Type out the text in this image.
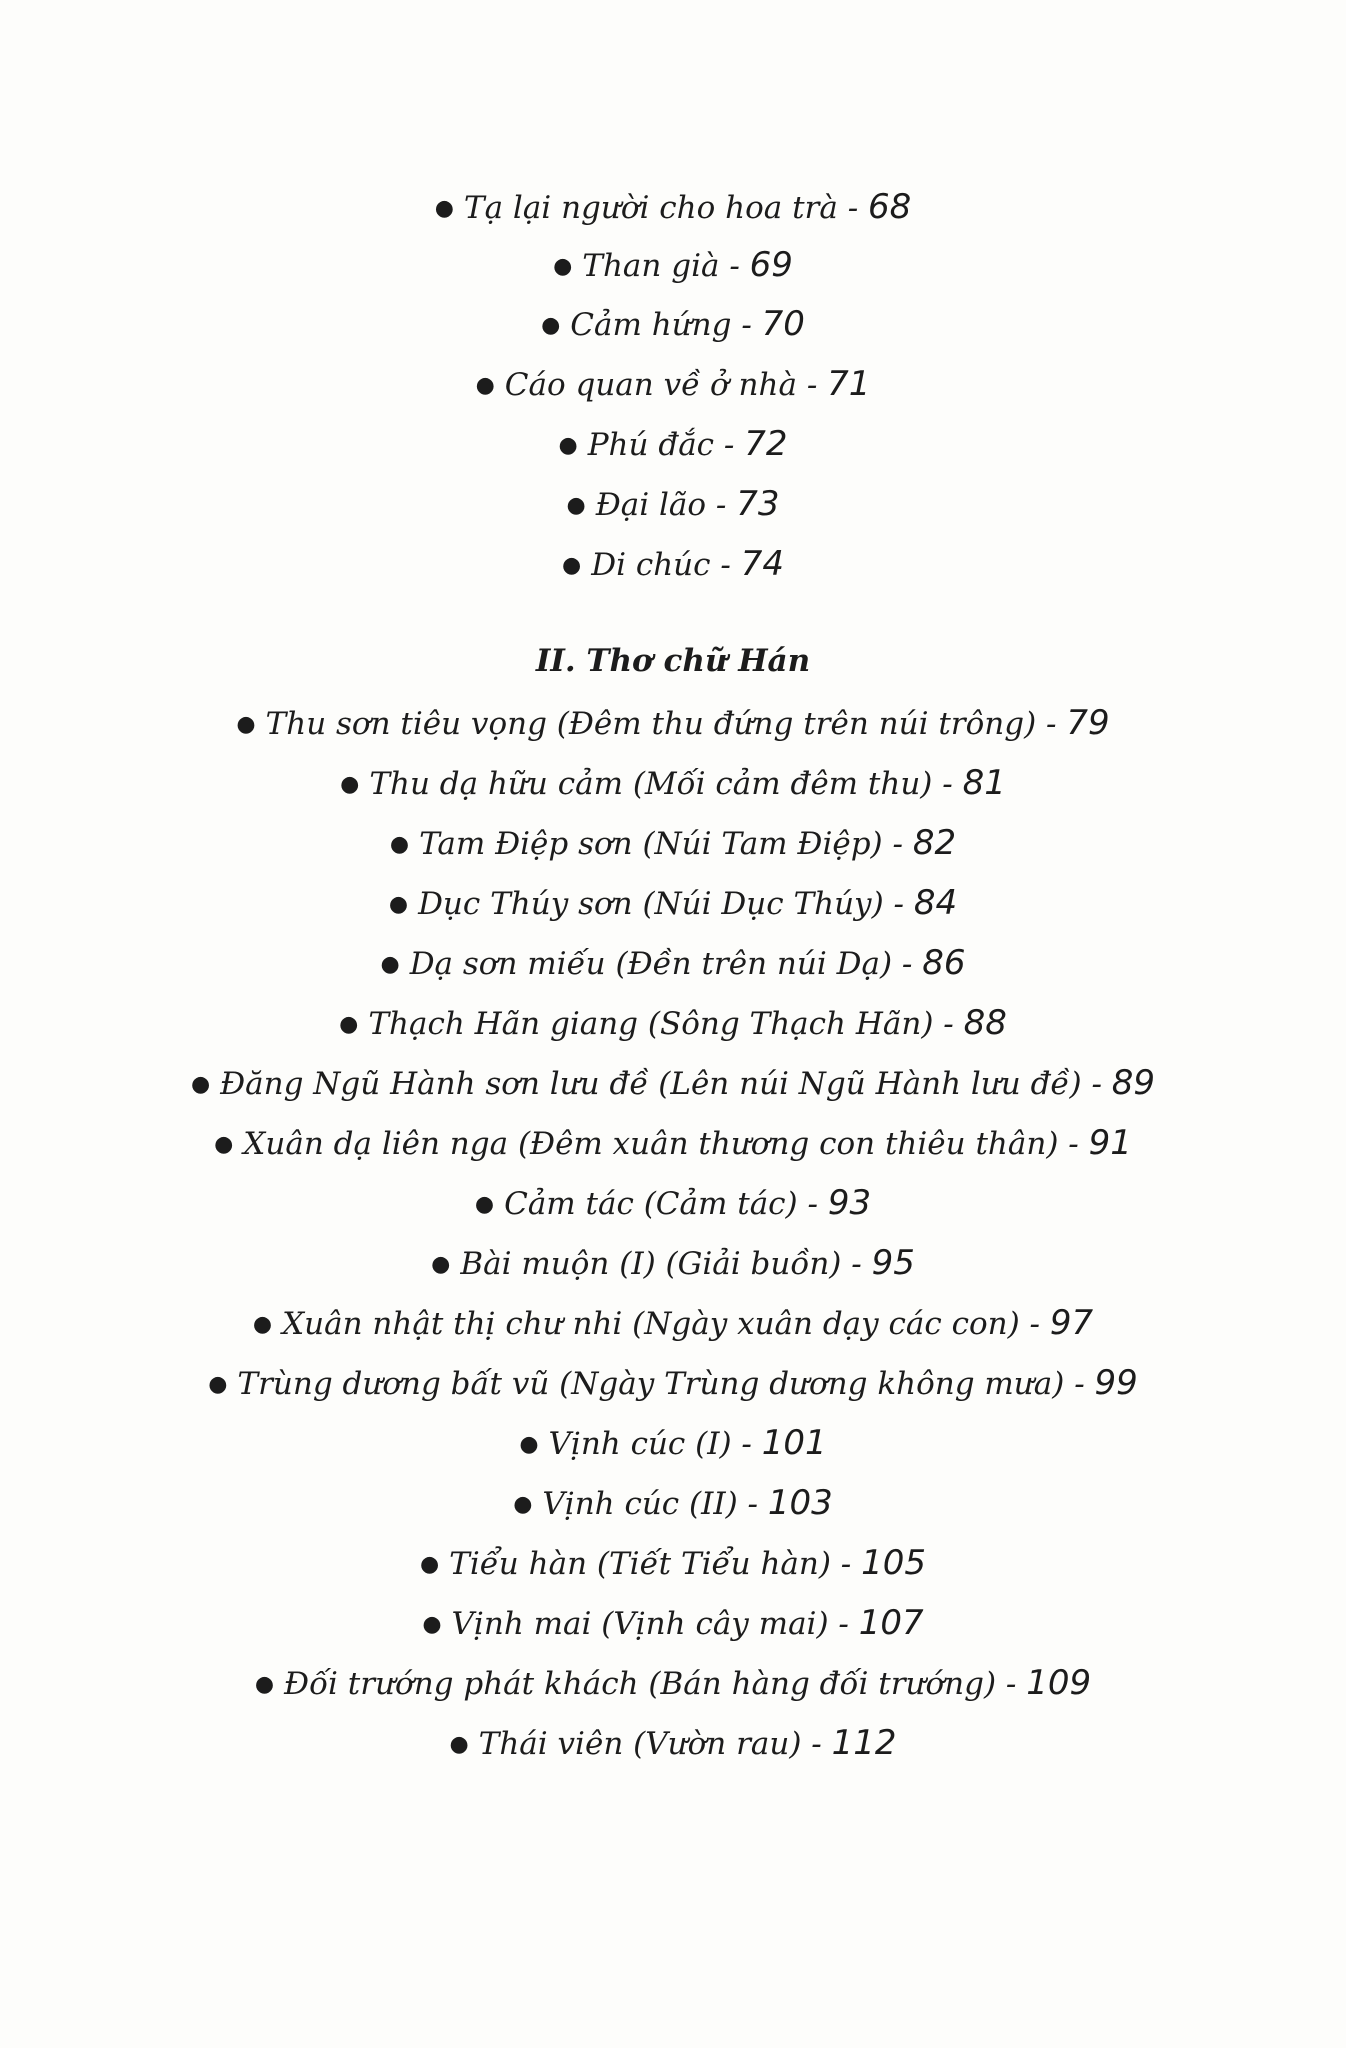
● Tạ lại người cho hoa trà - 68
● Than già - 69
● Cảm hứng - 70
● Cáo quan về ở nhà - 71
● Phú đắc - 72
● Đại lão - 73
● Di chúc - 74
II. Thơ chữ Hán
● Thu sơn tiêu vọng (Đêm thu đứng trên núi trông) - 79
● Thu dạ hữu cảm (Mối cảm đêm thu) - 81
● Tam Điệp sơn (Núi Tam Điệp) - 82
● Dục Thúy sơn (Núi Dục Thúy) - 84
● Dạ sơn miếu (Đền trên núi Dạ) - 86
● Thạch Hãn giang (Sông Thạch Hãn) - 88
● Đăng Ngũ Hành sơn lưu đề (Lên núi Ngũ Hành lưu đề) - 89
● Xuân dạ liên nga (Đêm xuân thương con thiêu thân) - 91
● Cảm tác (Cảm tác) - 93
● Bài muộn (I) (Giải buồn) - 95
● Xuân nhật thị chư nhi (Ngày xuân dạy các con) - 97
● Trùng dương bất vũ (Ngày Trùng dương không mưa) - 99
● Vịnh cúc (I) - 101
● Vịnh cúc (II) - 103
● Tiểu hàn (Tiết Tiểu hàn) - 105
● Vịnh mai (Vịnh cây mai) - 107
● Đối trướng phát khách (Bán hàng đối trướng) - 109
● Thái viên (Vườn rau) - 112
